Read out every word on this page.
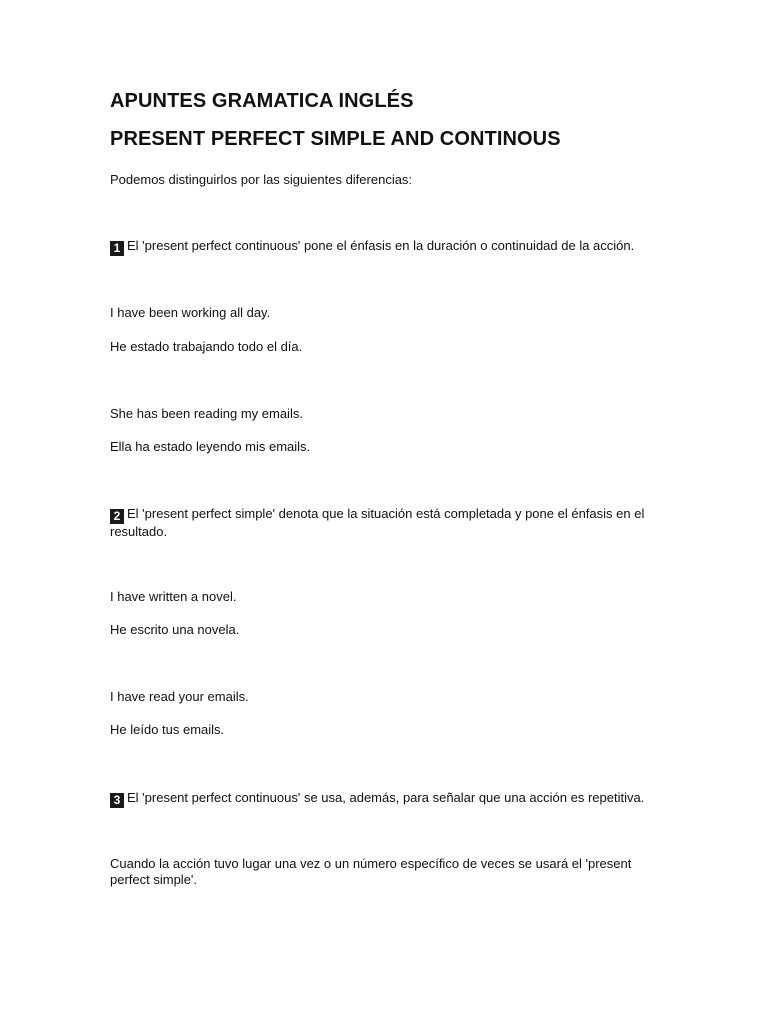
APUNTES GRAMATICA INGLÉS
PRESENT PERFECT SIMPLE AND CONTINOUS

Podemos distinguirlos por las siguientes diferencias:

1 El 'present perfect continuous' pone el énfasis en la duración o continuidad de la acción.

I have been working all day.

He estado trabajando todo el día.

She has been reading my emails.

Ella ha estado leyendo mis emails.

2 El 'present perfect simple' denota que la situación está completada y pone el énfasis en el resultado.

I have written a novel.

He escrito una novela.

I have read your emails.

He leído tus emails.

3 El 'present perfect continuous' se usa, además, para señalar que una acción es repetitiva.

Cuando la acción tuvo lugar una vez o un número específico de veces se usará el 'present perfect simple'.
